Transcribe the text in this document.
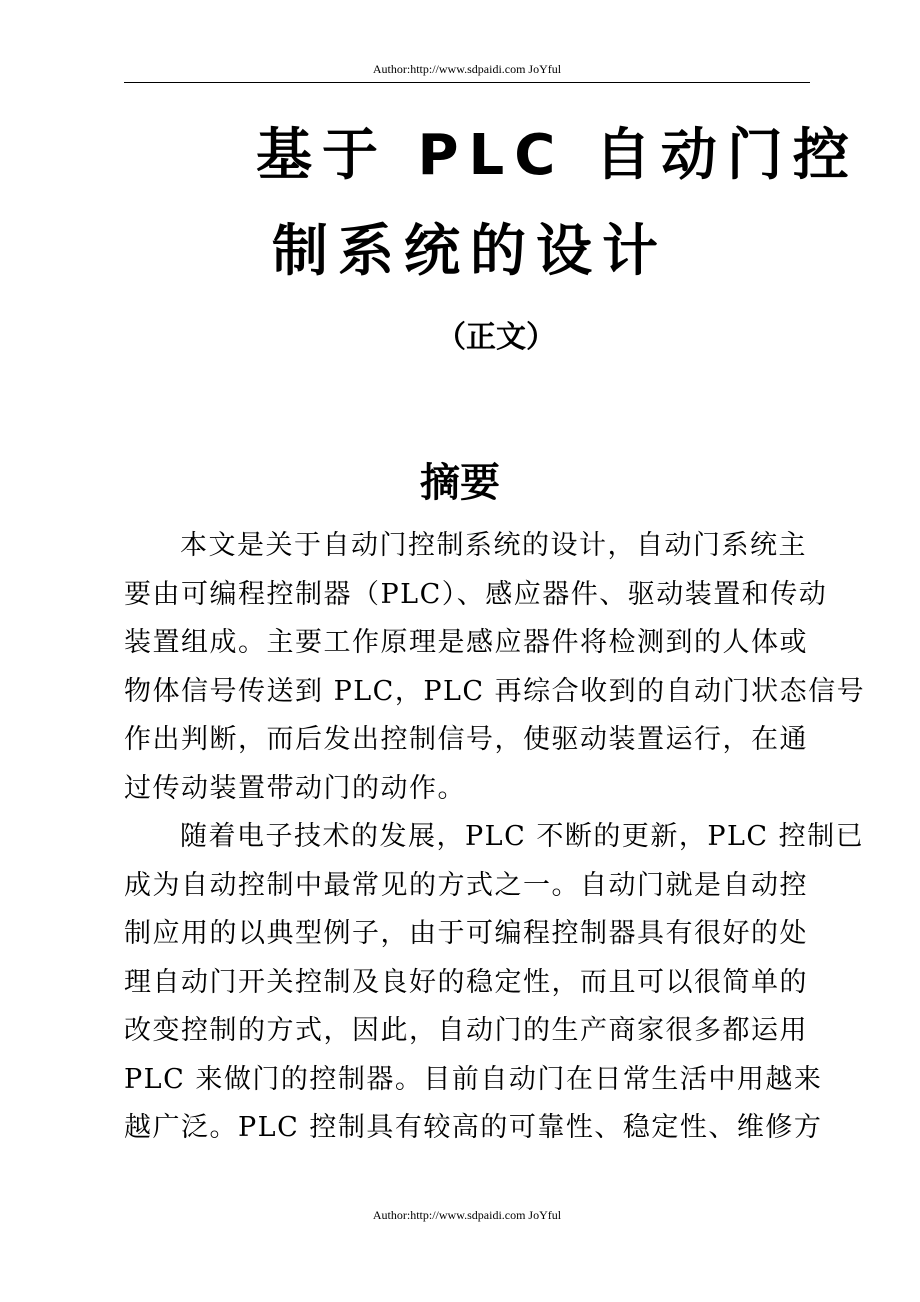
Author:http://www.sdpaidi.com JoYful
基于 PLC 自动门控
制系统的设计
（正文）
摘要
本文是关于自动门控制系统的设计，自动门系统主
要由可编程控制器（PLC）、感应器件、驱动装置和传动
装置组成。主要工作原理是感应器件将检测到的人体或
物体信号传送到 PLC，PLC 再综合收到的自动门状态信号
作出判断，而后发出控制信号，使驱动装置运行，在通
过传动装置带动门的动作。
随着电子技术的发展，PLC 不断的更新，PLC 控制已
成为自动控制中最常见的方式之一。自动门就是自动控
制应用的以典型例子，由于可编程控制器具有很好的处
理自动门开关控制及良好的稳定性，而且可以很简单的
改变控制的方式，因此，自动门的生产商家很多都运用
PLC 来做门的控制器。目前自动门在日常生活中用越来
越广泛。PLC 控制具有较高的可靠性、稳定性、维修方
Author:http://www.sdpaidi.com JoYful
